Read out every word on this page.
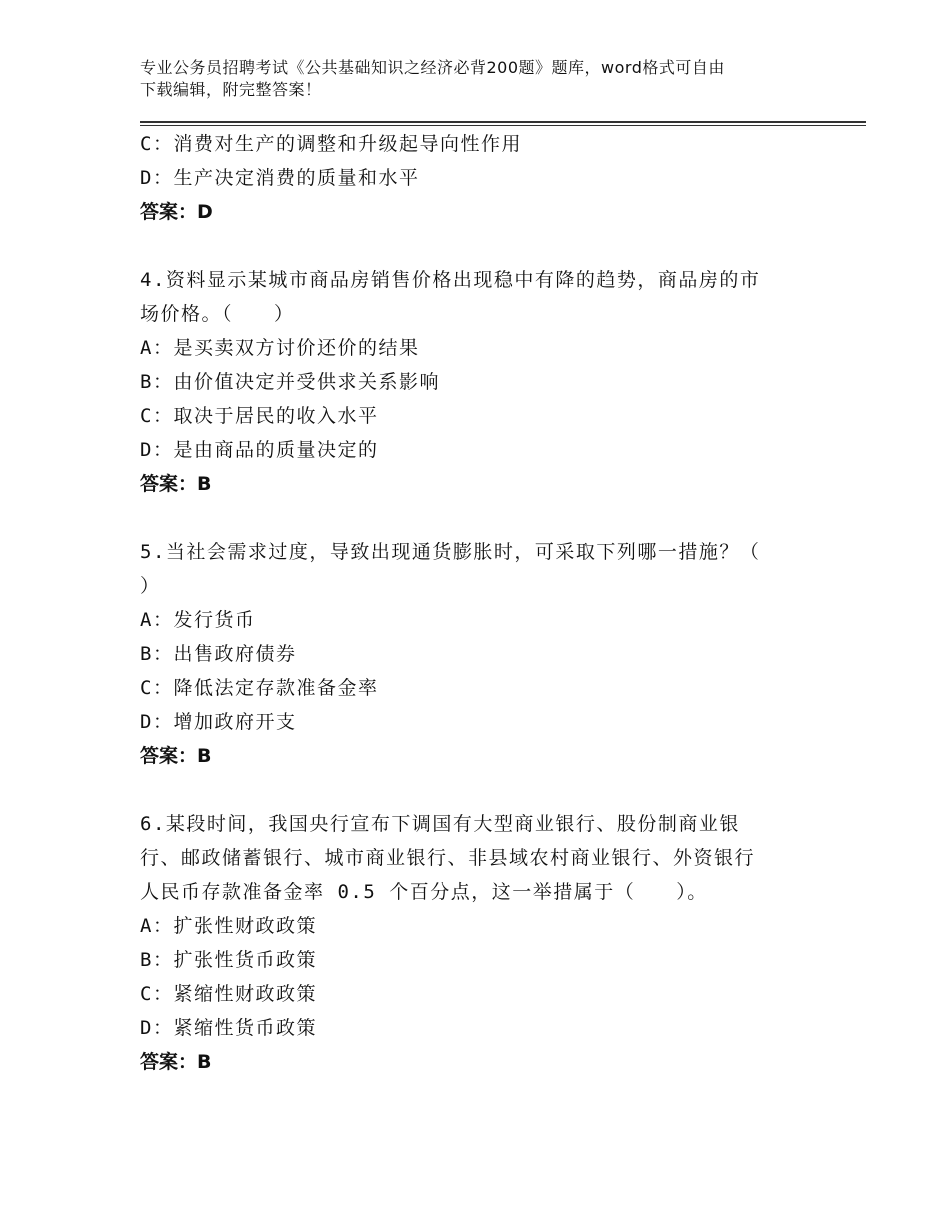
专业公务员招聘考试《公共基础知识之经济必背200题》题库，word格式可自由
下载编辑，附完整答案！
C：消费对生产的调整和升级起导向性作用
D：生产决定消费的质量和水平
答案：D
4.资料显示某城市商品房销售价格出现稳中有降的趋势，商品房的市
场价格。（　　）
A：是买卖双方讨价还价的结果
B：由价值决定并受供求关系影响
C：取决于居民的收入水平
D：是由商品的质量决定的
答案：B
5.当社会需求过度，导致出现通货膨胀时，可采取下列哪一措施？（
）
A：发行货币
B：出售政府债券
C：降低法定存款准备金率
D：增加政府开支
答案：B
6.某段时间，我国央行宣布下调国有大型商业银行、股份制商业银
行、邮政储蓄银行、城市商业银行、非县域农村商业银行、外资银行
人民币存款准备金率 0.5 个百分点，这一举措属于（　　）。
A：扩张性财政政策
B：扩张性货币政策
C：紧缩性财政政策
D：紧缩性货币政策
答案：B
